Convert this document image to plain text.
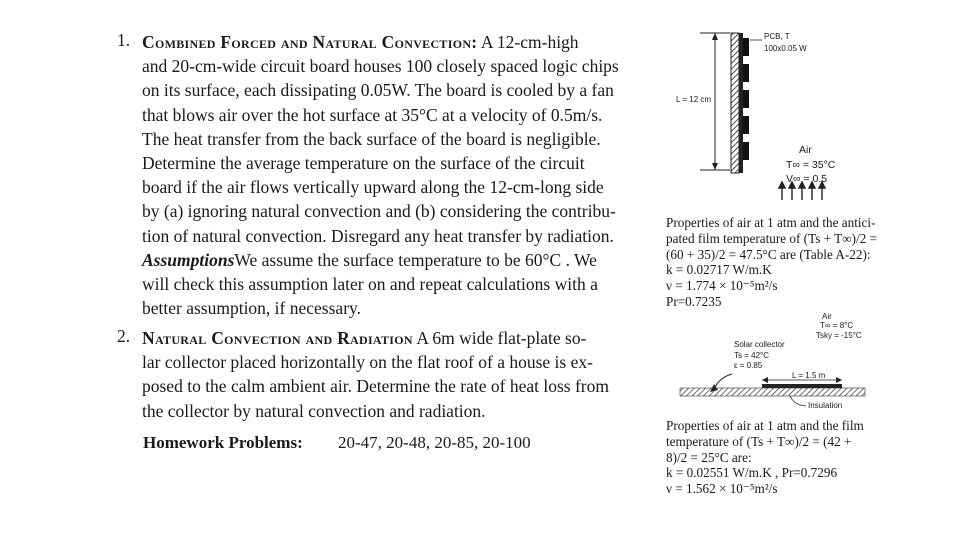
1. Combined Forced and Natural Convection: A 12-cm-high
and 20-cm-wide circuit board houses 100 closely spaced logic chips
on its surface, each dissipating 0.05W. The board is cooled by a fan
that blows air over the hot surface at 35°C at a velocity of 0.5m/s.
The heat transfer from the back surface of the board is negligible.
Determine the average temperature on the surface of the circuit
board if the air flows vertically upward along the 12-cm-long side
by (a) ignoring natural convection and (b) considering the contribu-
tion of natural convection. Disregard any heat transfer by radiation.
AssumptionsWe assume the surface temperature to be 60°C . We
will check this assumption later on and repeat calculations with a
better assumption, if necessary.
PCB, T
100x0.05 W
L = 12 cm
Air
T∞ = 35°C
V∞ = 0.5
Properties of air at 1 atm and the antici-
pated film temperature of (Ts + T∞)/2 =
(60 + 35)/2 = 47.5°C are (Table A-22):
k = 0.02717 W/m.K
ν = 1.774 × 10⁻⁵m²/s
Pr=0.7235
2. Natural Convection and Radiation A 6m wide flat-plate so-
lar collector placed horizontally on the flat roof of a house is ex-
posed to the calm ambient air. Determine the rate of heat loss from
the collector by natural convection and radiation.
Air
T∞ = 8°C
Tsky = -15°C
Solar collector
Ts = 42°C
ε = 0.85
L = 1.5 m
Insulation
Properties of air at 1 atm and the film
temperature of (Ts + T∞)/2 = (42 +
8)/2 = 25°C are:
k = 0.02551 W/m.K , Pr=0.7296
ν = 1.562 × 10⁻⁵m²/s
Homework Problems: 20-47, 20-48, 20-85, 20-100
